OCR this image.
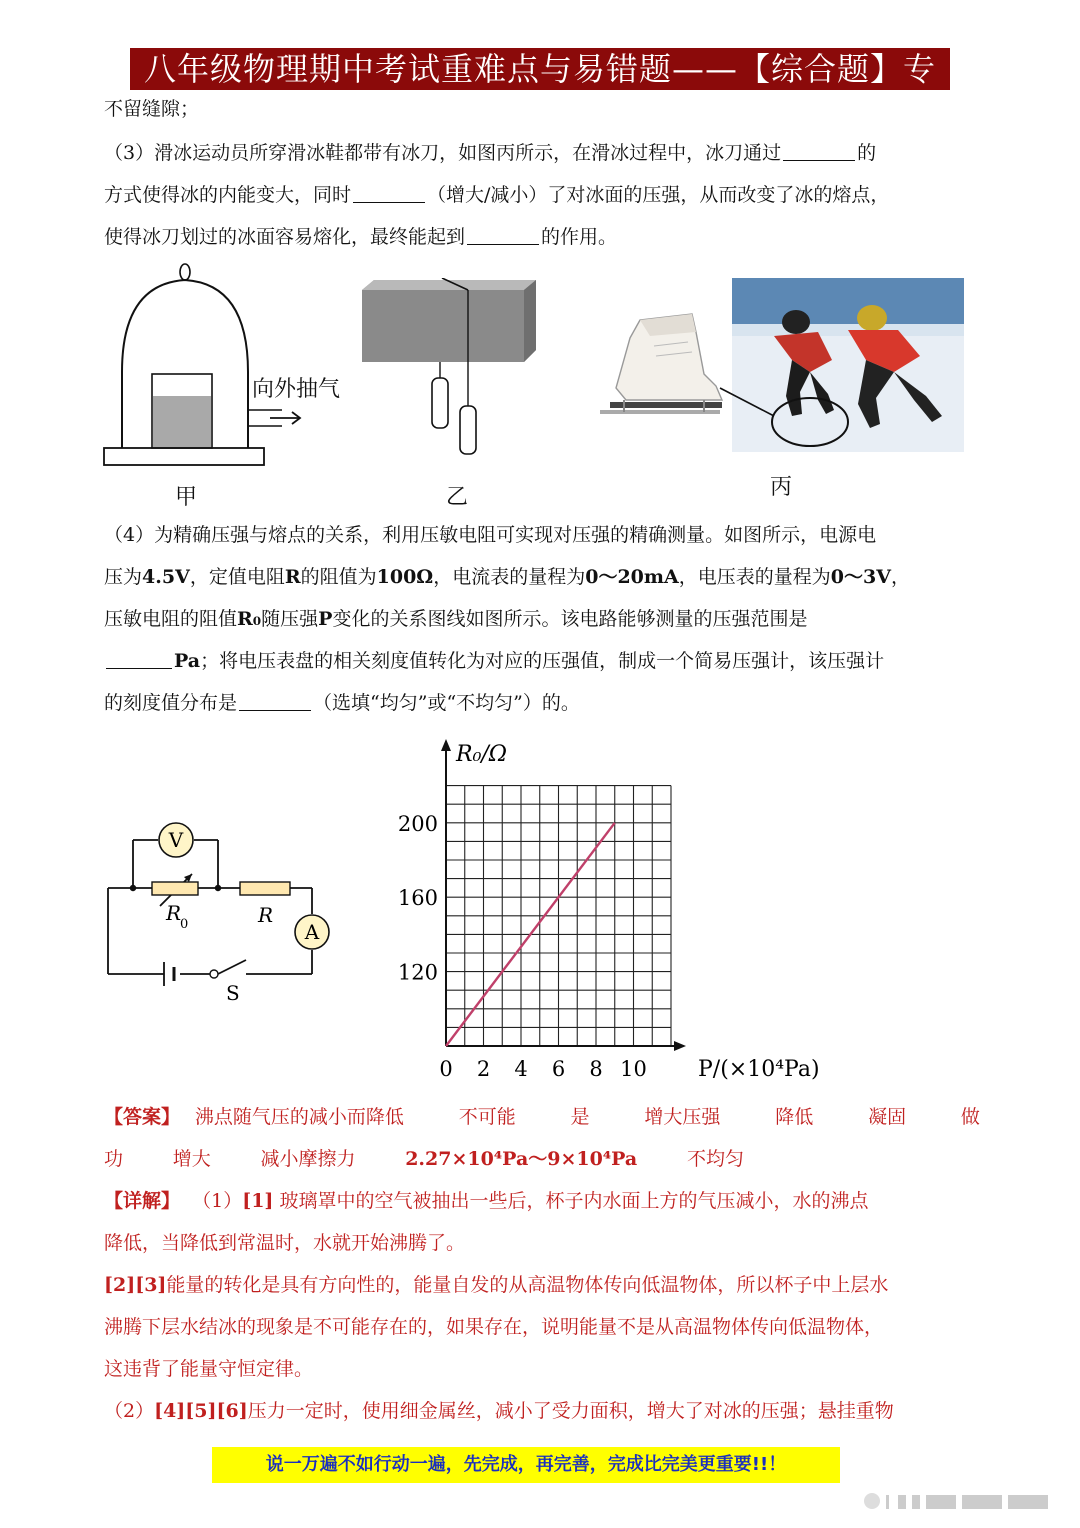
八年级物理期中考试重难点与易错题——【综合题】专练
不留缝隙；
（3）滑冰运动员所穿滑冰鞋都带有冰刀，如图丙所示，在滑冰过程中，冰刀通过	的
方式使得冰的内能变大，同时	（增大/减小）了对冰面的压强，从而改变了冰的熔点，
使得冰刀划过的冰面容易熔化，最终能起到	的作用。
向外抽气
甲	乙	丙
（4）为精确压强与熔点的关系，利用压敏电阻可实现对压强的精确测量。如图所示，电源电
压为4.5V，定值电阻R的阻值为100Ω，电流表的量程为0～20mA，电压表的量程为0～3V，
压敏电阻的阻值R₀随压强P变化的关系图线如图所示。该电路能够测量的压强范围是
Pa；将电压表盘的相关刻度值转化为对应的压强值，制成一个简易压强计，该压强计
的刻度值分布是	（选填“均匀”或“不均匀”）的。
V
A
R
0	R
S
0 2 4 6 8 10
120
160
200
R₀/Ω
P/(×10⁴Pa)
【答案】 沸点随气压的减小而降低	不可能	是	增大压强	降低	凝固	做
功	增大	减小摩擦力	2.27×10⁴Pa～9×10⁴Pa	不均匀
【详解】 （1）[1] 玻璃罩中的空气被抽出一些后，杯子内水面上方的气压减小，水的沸点
降低，当降低到常温时，水就开始沸腾了。
[2][3]能量的转化是具有方向性的，能量自发的从高温物体传向低温物体，所以杯子中上层水
沸腾下层水结冰的现象是不可能存在的，如果存在，说明能量不是从高温物体传向低温物体，
这违背了能量守恒定律。
（2）[4][5][6]压力一定时，使用细金属丝，减小了受力面积，增大了对冰的压强；悬挂重物
说一万遍不如行动一遍，先完成，再完善，完成比完美更重要!!！
